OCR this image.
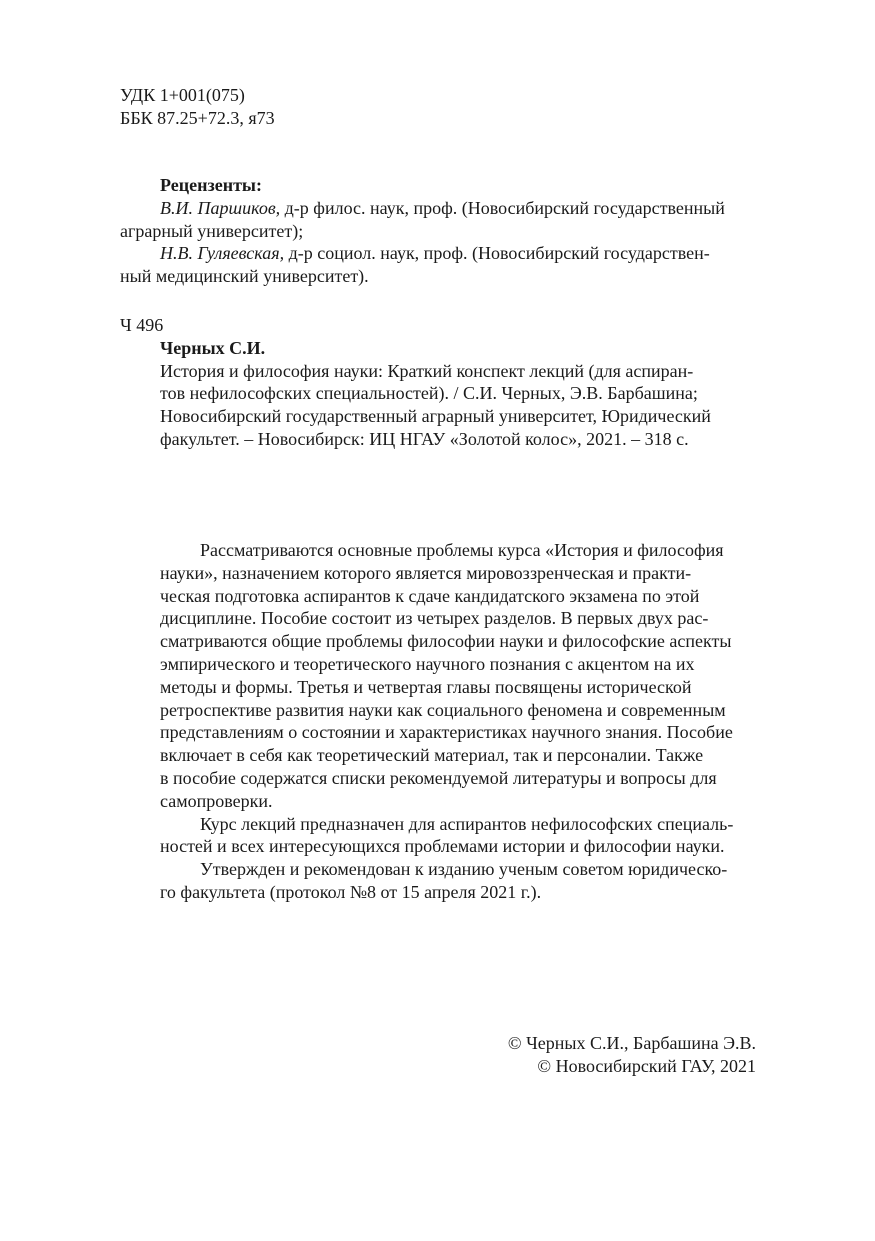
УДК 1+001(075)
ББК 87.25+72.3, я73
Рецензенты:
В.И. Паршиков, д-р филос. наук, проф. (Новосибирский государственный
аграрный университет);
Н.В. Гуляевская, д-р социол. наук, проф. (Новосибирский государствен-
ный медицинский университет).
Ч 496
Черных С.И.
История и философия науки: Краткий конспект лекций (для аспиран-
тов нефилософских специальностей). / С.И. Черных, Э.В. Барбашина;
Новосибирский государственный аграрный университет, Юридический
факультет. – Новосибирск: ИЦ НГАУ «Золотой колос», 2021. – 318 с.
Рассматриваются основные проблемы курса «История и философия
науки», назначением которого является мировоззренческая и практи-
ческая подготовка аспирантов к сдаче кандидатского экзамена по этой
дисциплине. Пособие состоит из четырех разделов. В первых двух рас-
сматриваются общие проблемы философии науки и философские аспекты
эмпирического и теоретического научного познания с акцентом на их
методы и формы. Третья и четвертая главы посвящены исторической
ретроспективе развития науки как социального феномена и современным
представлениям о состоянии и характеристиках научного знания. Пособие
включает в себя как теоретический материал, так и персоналии. Также
в пособие содержатся списки рекомендуемой литературы и вопросы для
самопроверки.
Курс лекций предназначен для аспирантов нефилософских специаль-
ностей и всех интересующихся проблемами истории и философии науки.
Утвержден и рекомендован к изданию ученым советом юридическо-
го факультета (протокол №8 от 15 апреля 2021 г.).
© Черных С.И., Барбашина Э.В.
© Новосибирский ГАУ, 2021
